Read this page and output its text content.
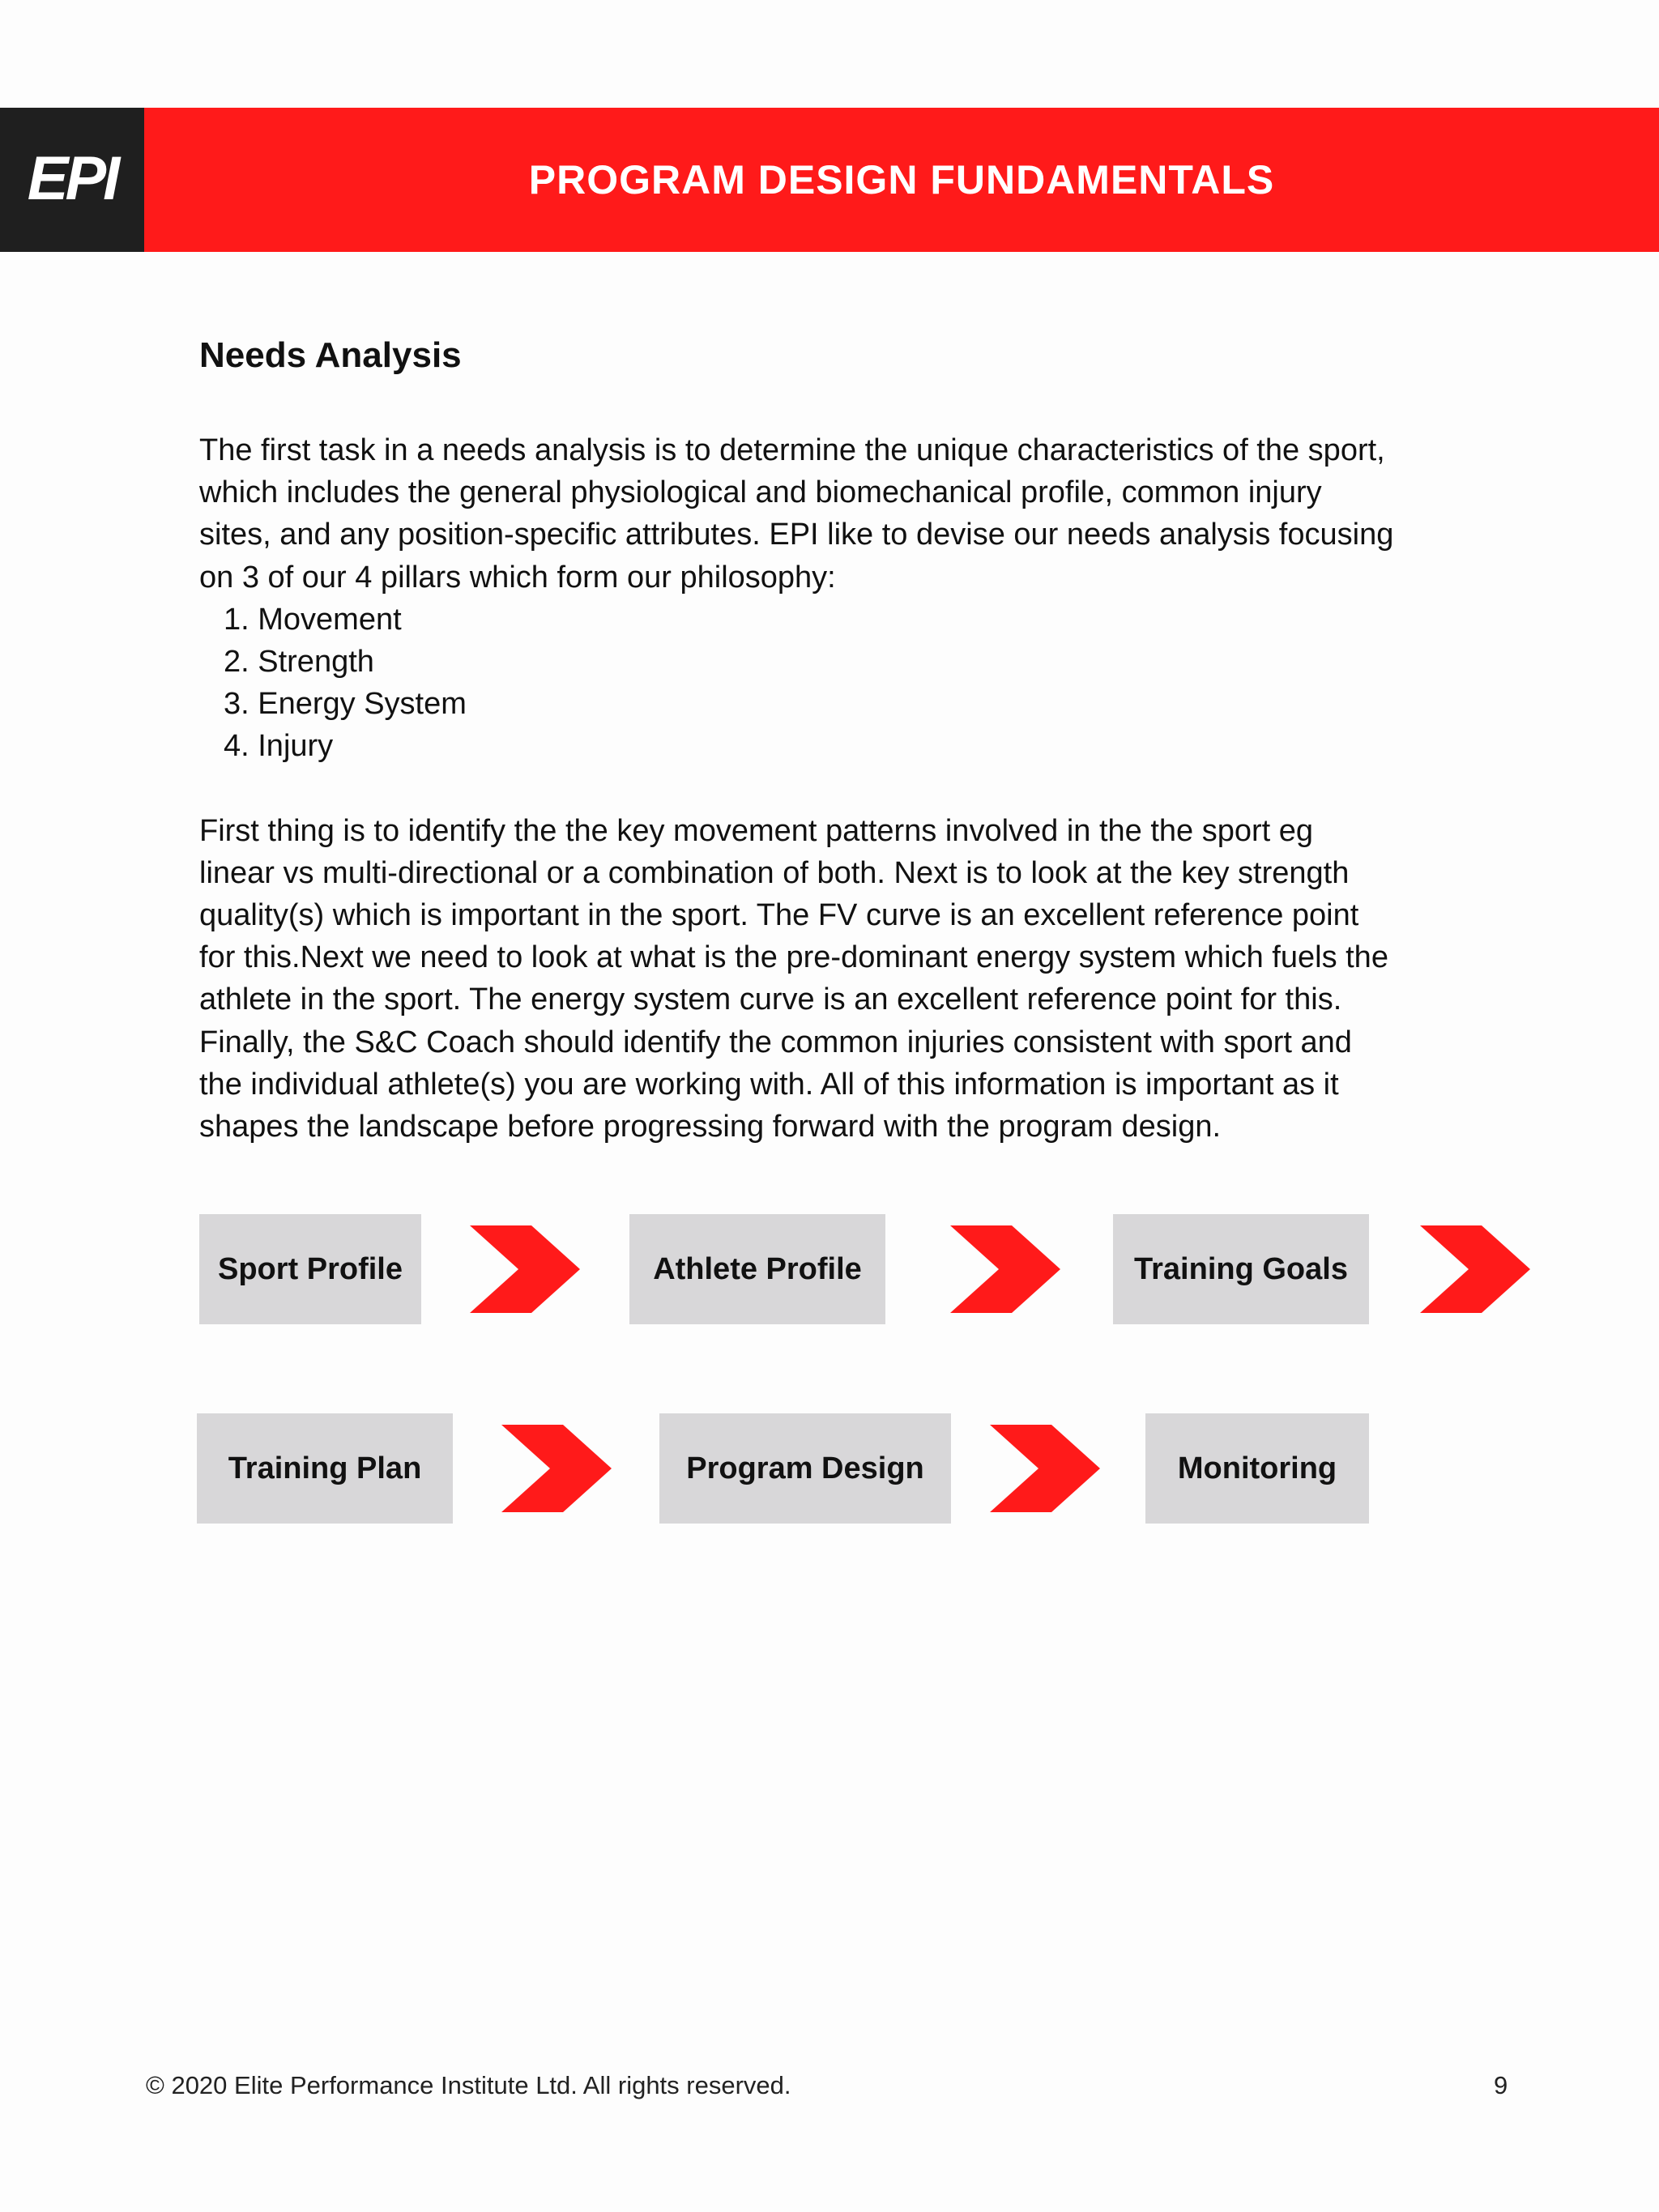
EPI	PROGRAM DESIGN FUNDAMENTALS
Needs Analysis

The first task in a needs analysis is to determine the unique characteristics of the sport,

which includes the general physiological and biomechanical profile, common injury

sites, and any position-specific attributes. EPI like to devise our needs analysis focusing

on 3 of our 4 pillars which form our philosophy:

1. Movement
2. Strength
3. Energy System
4. Injury

First thing is to identify the the key movement patterns involved in the the sport eg

linear vs multi-directional or a combination of both. Next is to look at the key strength

quality(s) which is important in the sport. The FV curve is an excellent reference point

for this.Next we need to look at what is the pre-dominant energy system which fuels the

athlete in the sport. The energy system curve is an excellent reference point for this.

Finally, the S&C Coach should identify the common injuries consistent with sport and

the individual athlete(s) you are working with. All of this information is important as it

shapes the landscape before progressing forward with the program design.

Sport Profile	Athlete Profile	Training Goals
Training Plan	Program Design	Monitoring
© 2020 Elite Performance Institute Ltd. All rights reserved.	9
